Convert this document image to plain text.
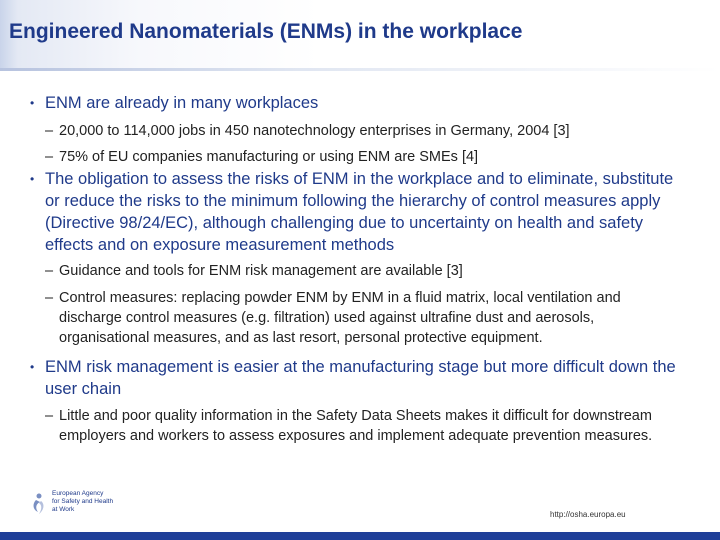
Engineered Nanomaterials (ENMs) in the workplace
• ENM are already in many workplaces
– 20,000 to 114,000 jobs in 450 nanotechnology enterprises in Germany, 2004 [3]
– 75% of EU companies manufacturing or using ENM are SMEs [4]
• The obligation to assess the risks of ENM in the workplace and to eliminate, substitute or reduce the risks to the minimum following the hierarchy of control measures apply (Directive 98/24/EC), although challenging due to uncertainty on health and safety effects and on exposure measurement methods
– Guidance and tools for ENM risk management are available [3]
– Control measures: replacing powder ENM by ENM in a fluid matrix, local ventilation and discharge control measures (e.g. filtration) used against ultrafine dust and aerosols, organisational measures, and as last resort, personal protective equipment.
• ENM risk management is easier at the manufacturing stage but more difficult down the user chain
– Little and poor quality information in the Safety Data Sheets makes it difficult for downstream employers and workers to assess exposures and implement adequate prevention measures.
European Agency
for Safety and Health
at Work
http://osha.europa.eu
